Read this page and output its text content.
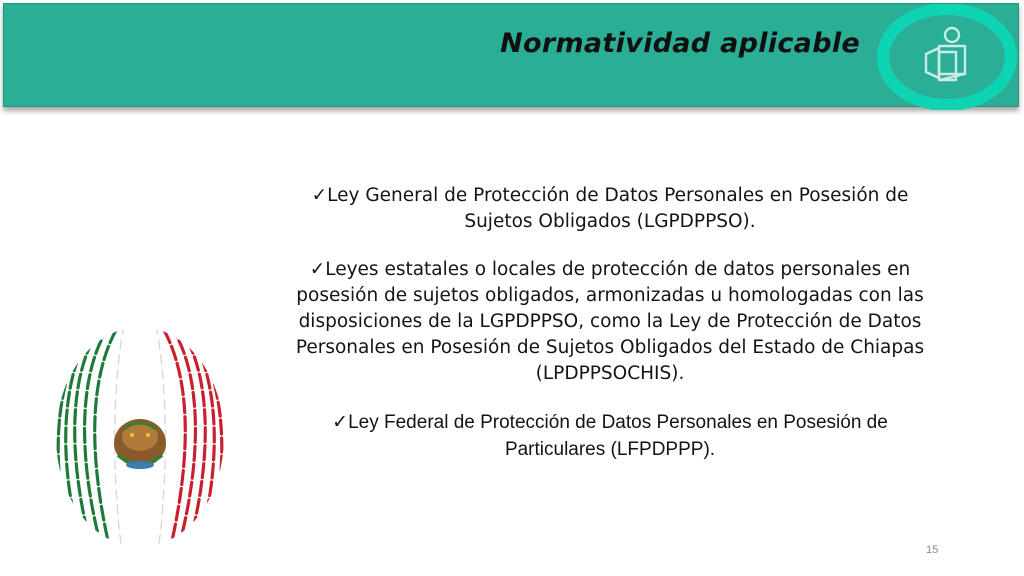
Normatividad aplicable

✓Ley General de Protección de Datos Personales en Posesión de Sujetos Obligados (LGPDPPSO).

✓Leyes estatales o locales de protección de datos personales en posesión de sujetos obligados, armonizadas u homologadas con las disposiciones de la LGPDPPSO, como la Ley de Protección de Datos Personales en Posesión de Sujetos Obligados del Estado de Chiapas (LPDPPSOCHIS).

✓Ley Federal de Protección de Datos Personales en Posesión de Particulares (LFPDPPP).

15
